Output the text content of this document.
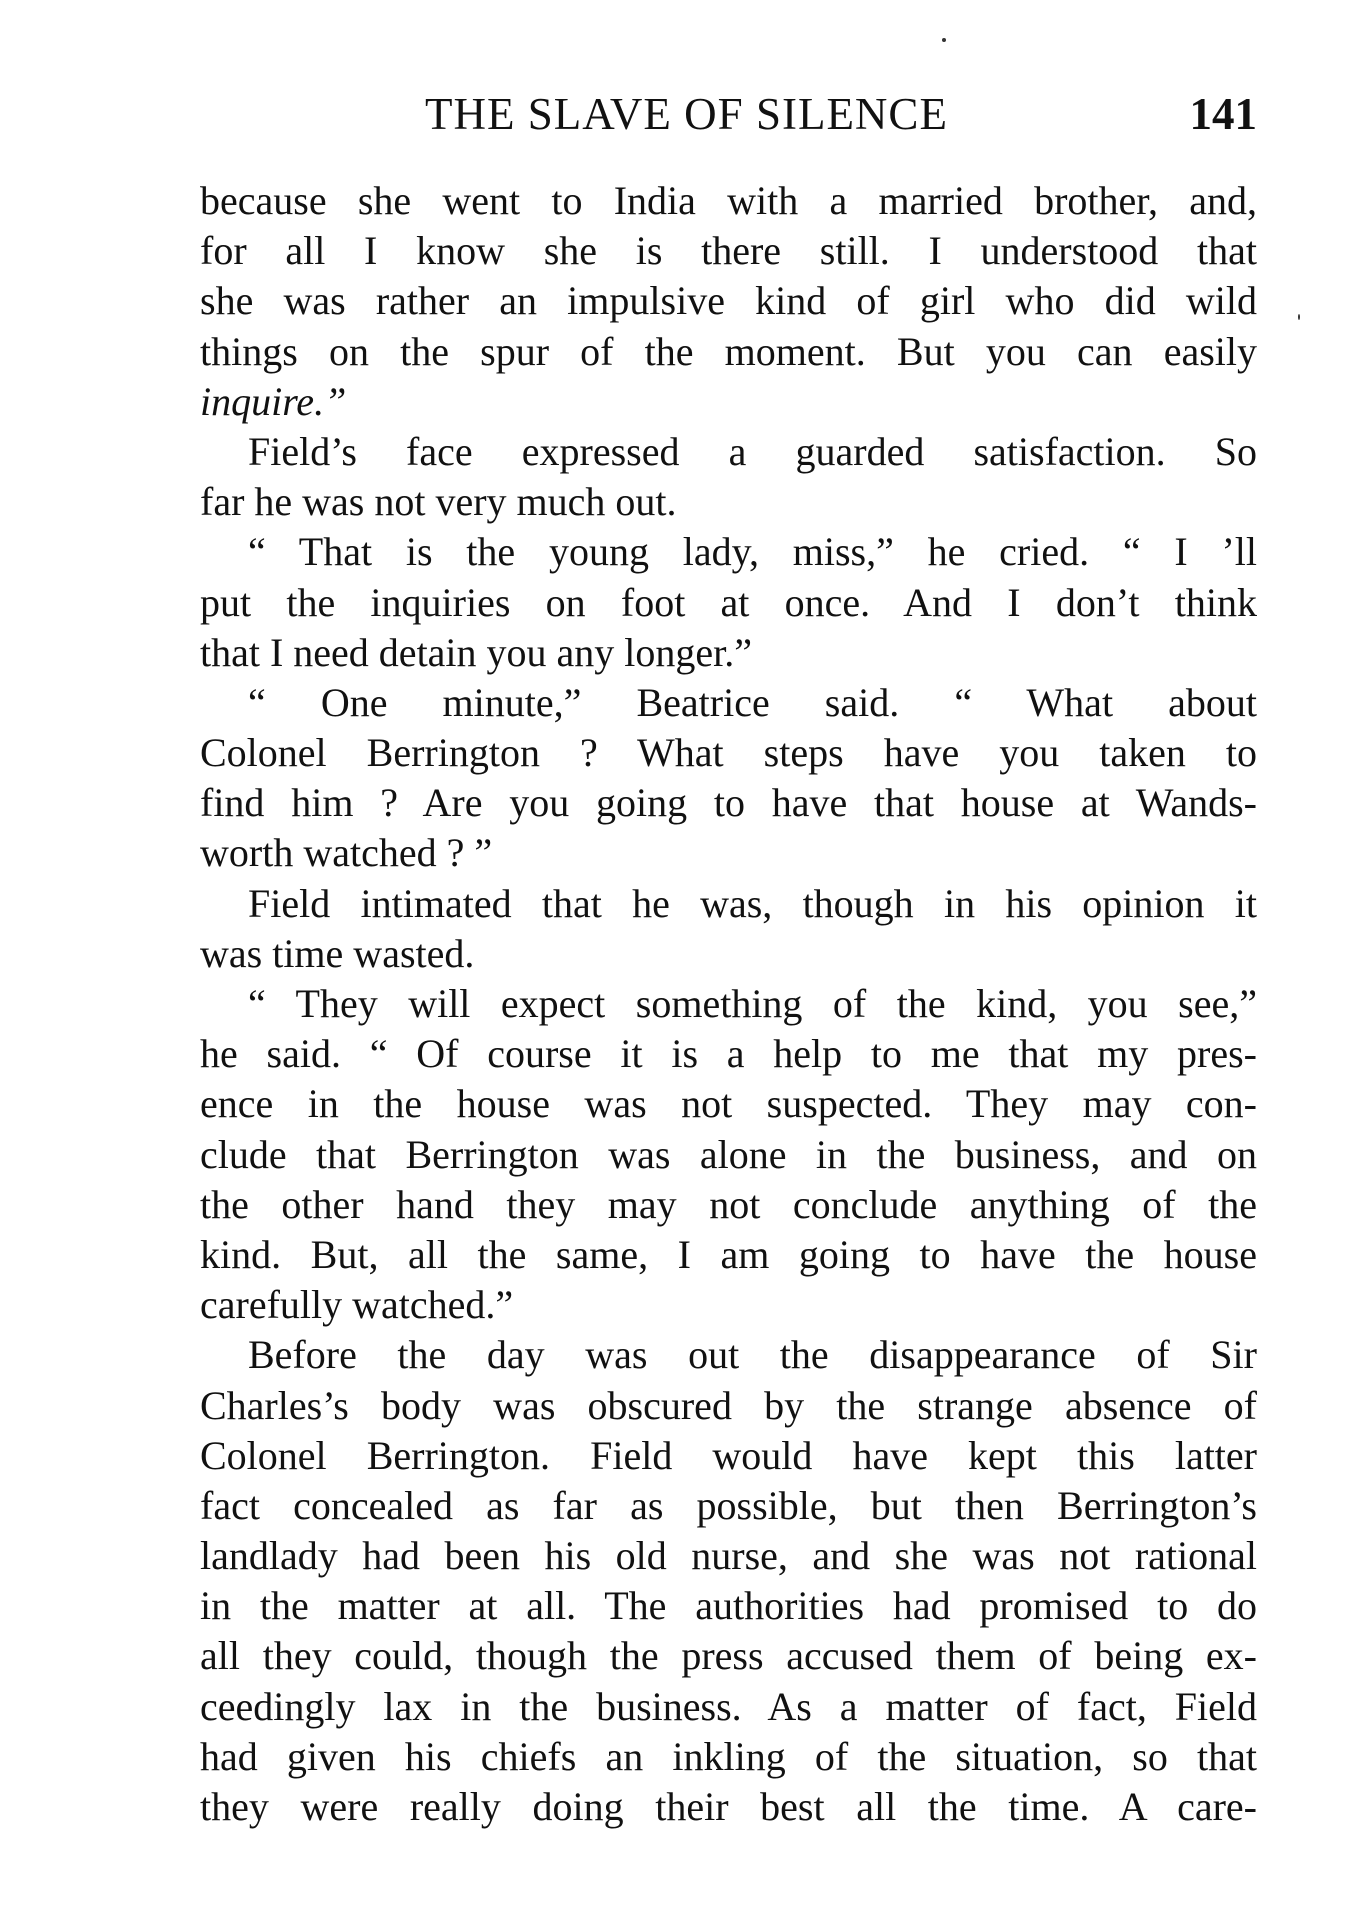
THE SLAVE OF SILENCE	141
because she went to India with a married brother, and,
for all I know she is there still. I understood that
she was rather an impulsive kind of girl who did wild
things on the spur of the moment. But you can easily
inquire.”
Field’s face expressed a guarded satisfaction. So
far he was not very much out.
“ That is the young lady, miss,” he cried. “ I ’ll
put the inquiries on foot at once. And I don’t think
that I need detain you any longer.”
“ One minute,” Beatrice said. “ What about
Colonel Berrington ? What steps have you taken to
find him ? Are you going to have that house at Wands-
worth watched ? ”
Field intimated that he was, though in his opinion it
was time wasted.
“ They will expect something of the kind, you see,”
he said. “ Of course it is a help to me that my pres-
ence in the house was not suspected. They may con-
clude that Berrington was alone in the business, and on
the other hand they may not conclude anything of the
kind. But, all the same, I am going to have the house
carefully watched.”
Before the day was out the disappearance of Sir
Charles’s body was obscured by the strange absence of
Colonel Berrington. Field would have kept this latter
fact concealed as far as possible, but then Berrington’s
landlady had been his old nurse, and she was not rational
in the matter at all. The authorities had promised to do
all they could, though the press accused them of being ex-
ceedingly lax in the business. As a matter of fact, Field
had given his chiefs an inkling of the situation, so that
they were really doing their best all the time. A care-
